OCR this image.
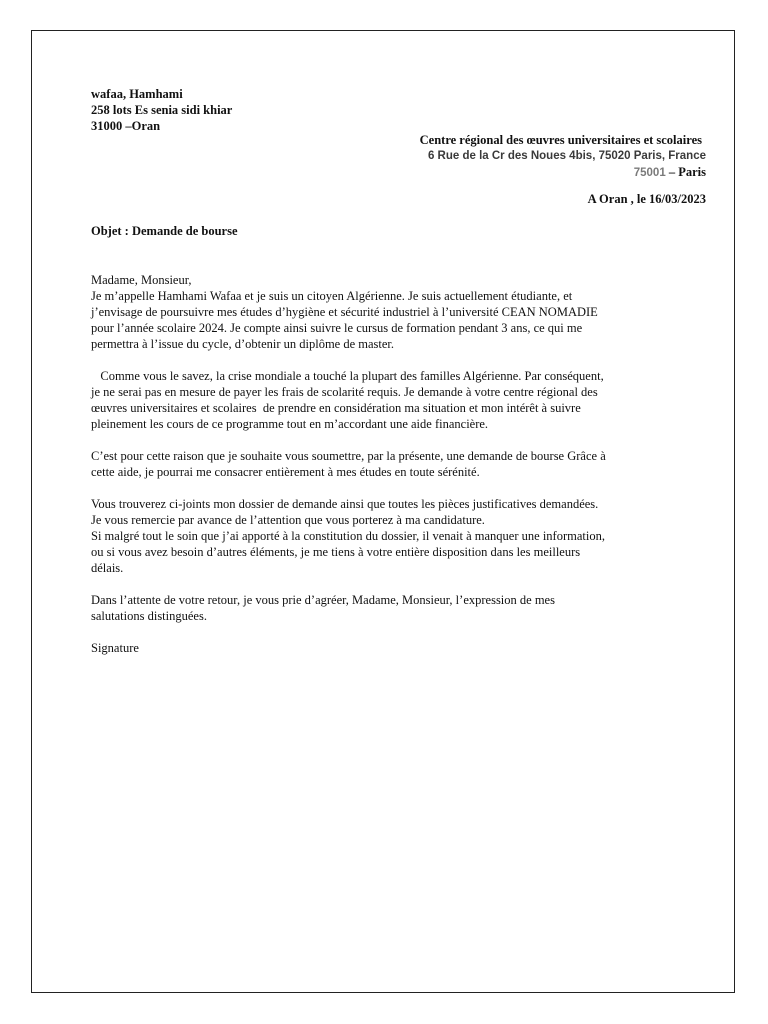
wafaa, Hamhami
258 lots Es senia sidi khiar
31000 –Oran
Centre régional des œuvres universitaires et scolaires
6 Rue de la Cr des Noues 4bis, 75020 Paris, France
75001 – Paris
A Oran , le 16/03/2023
Objet : Demande de bourse

Madame, Monsieur,

Je m’appelle Hamhami Wafaa et je suis un citoyen Algérienne. Je suis actuellement étudiante, et
j’envisage de poursuivre mes études d’hygiène et sécurité industriel à l’université CEAN NOMADIE
pour l’année scolaire 2024. Je compte ainsi suivre le cursus de formation pendant 3 ans, ce qui me
permettra à l’issue du cycle, d’obtenir un diplôme de master.

Comme vous le savez, la crise mondiale a touché la plupart des familles Algérienne. Par conséquent,
je ne serai pas en mesure de payer les frais de scolarité requis. Je demande à votre centre régional des
œuvres universitaires et scolaires  de prendre en considération ma situation et mon intérêt à suivre
pleinement les cours de ce programme tout en m’accordant une aide financière.

C’est pour cette raison que je souhaite vous soumettre, par la présente, une demande de bourse Grâce à
cette aide, je pourrai me consacrer entièrement à mes études en toute sérénité.

Vous trouverez ci-joints mon dossier de demande ainsi que toutes les pièces justificatives demandées.
Je vous remercie par avance de l’attention que vous porterez à ma candidature.
Si malgré tout le soin que j’ai apporté à la constitution du dossier, il venait à manquer une information,
ou si vous avez besoin d’autres éléments, je me tiens à votre entière disposition dans les meilleurs
délais.

Dans l’attente de votre retour, je vous prie d’agréer, Madame, Monsieur, l’expression de mes
salutations distinguées.

Signature
